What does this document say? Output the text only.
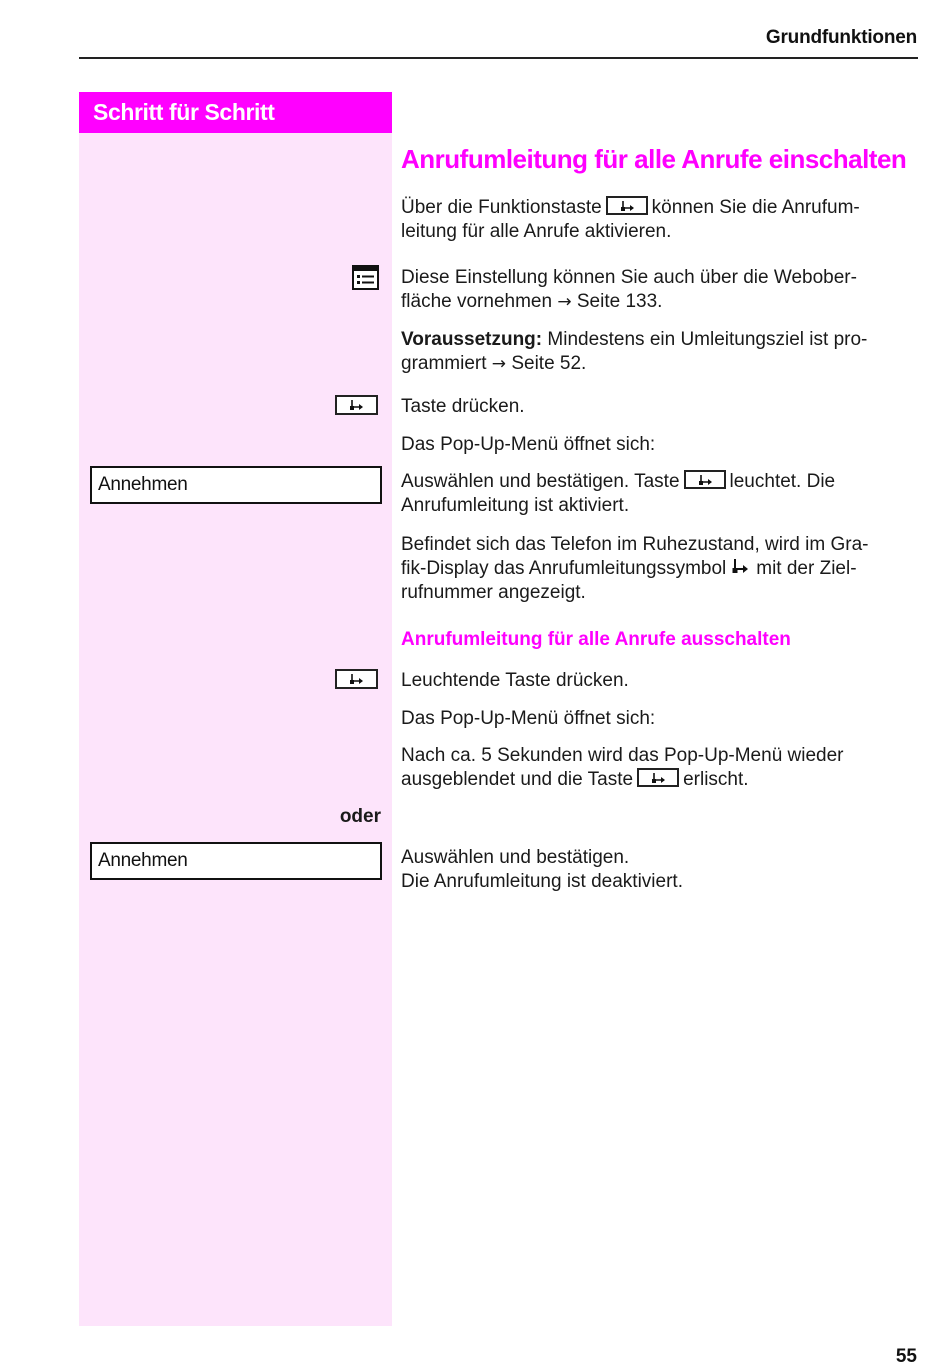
Grundfunktionen
Schritt für Schritt
Anrufumleitung für alle Anrufe einschalten
Über die Funktionstaste	können Sie die Anrufum-
leitung für alle Anrufe aktivieren.
Diese Einstellung können Sie auch über die Webober-
fläche vornehmen → Seite 133.
Voraussetzung: Mindestens ein Umleitungsziel ist pro-
grammiert → Seite 52.
Taste drücken.
Das Pop-Up-Menü öffnet sich:
Annehmen	Auswählen und bestätigen. Taste	leuchtet. Die
Anrufumleitung ist aktiviert.
Befindet sich das Telefon im Ruhezustand, wird im Gra-
fik-Display das Anrufumleitungssymbol mit der Ziel-
rufnummer angezeigt.
Anrufumleitung für alle Anrufe ausschalten
Leuchtende Taste drücken.
Das Pop-Up-Menü öffnet sich:
Nach ca. 5 Sekunden wird das Pop-Up-Menü wieder
ausgeblendet und die Taste	erlischt.
oder
Annehmen	Auswählen und bestätigen.
Die Anrufumleitung ist deaktiviert.
55
